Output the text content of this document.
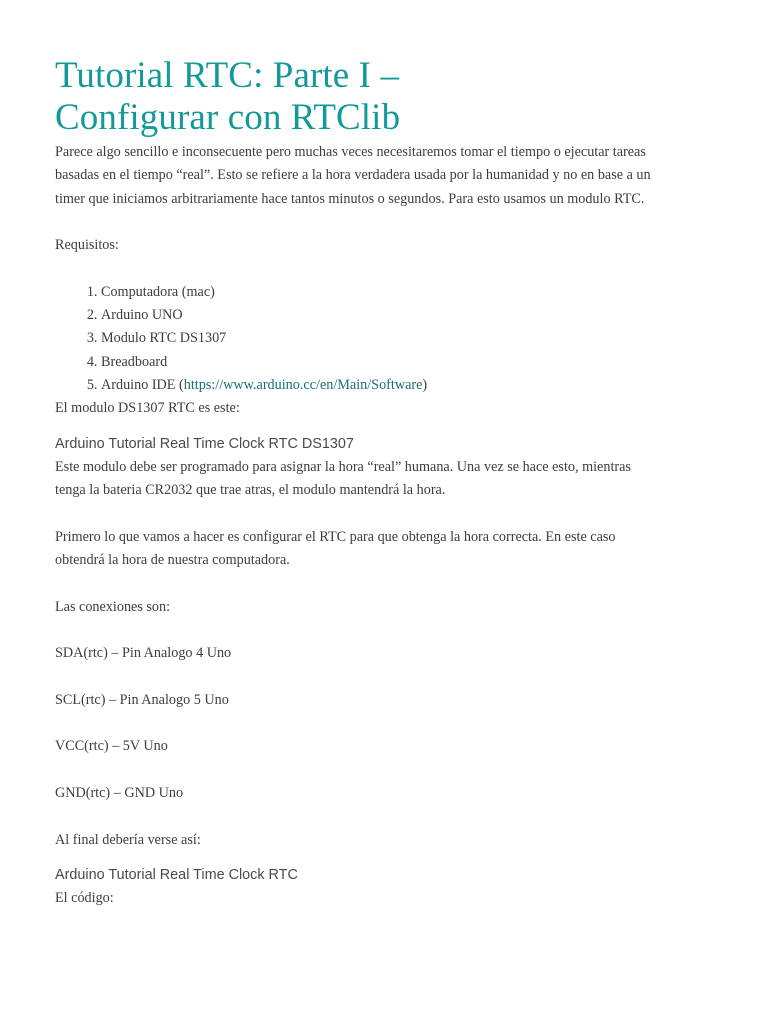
Tutorial RTC: Parte I –
Configurar con RTClib

Parece algo sencillo e inconsecuente pero muchas veces necesitaremos tomar el tiempo o ejecutar tareas
basadas en el tiempo “real”. Esto se refiere a la hora verdadera usada por la humanidad y no en base a un
timer que iniciamos arbitrariamente hace tantos minutos o segundos. Para esto usamos un modulo RTC.

Requisitos:

1. Computadora (mac)
2. Arduino UNO
3. Modulo RTC DS1307
4. Breadboard
5. Arduino IDE (https://www.arduino.cc/en/Main/Software)

El modulo DS1307 RTC es este:

Arduino Tutorial Real Time Clock RTC DS1307

Este modulo debe ser programado para asignar la hora “real” humana. Una vez se hace esto, mientras
tenga la bateria CR2032 que trae atras, el modulo mantendrá la hora.

Primero lo que vamos a hacer es configurar el RTC para que obtenga la hora correcta. En este caso
obtendrá la hora de nuestra computadora.

Las conexiones son:

SDA(rtc) – Pin Analogo 4 Uno

SCL(rtc) – Pin Analogo 5 Uno

VCC(rtc) – 5V Uno

GND(rtc) – GND Uno

Al final debería verse así:

Arduino Tutorial Real Time Clock RTC

El código:
